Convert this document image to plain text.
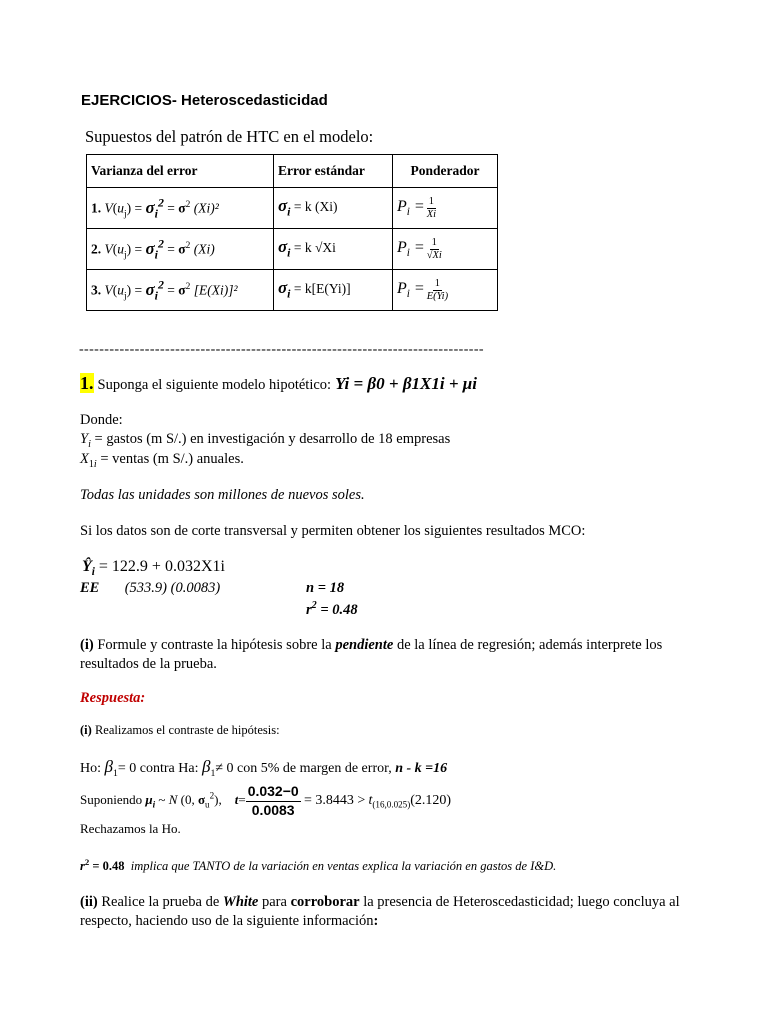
EJERCICIOS- Heteroscedasticidad
Supuestos del patrón de HTC en el modelo:
Varianza del error	Error estándar	Ponderador
1. $V(u_j) = \sigma_i^2 = \sigma^2$ (Xi)²	$\sigma_i = k$ (Xi)	$P_i = \frac{1}{Xi}$

2. $V(u_j) = \sigma_i^2 = \sigma^2$ (Xi)	$\sigma_i = k$ √Xi	$P_i = \frac{1}{√Xi}$

3. $V(u_j) = \sigma_i^2 = \sigma^2$ [E(Xi)]²	$\sigma_i = k[E(Yi)]$	$P_i = \frac{1}{E(Yi)}$
--------------------------------------------------------------------------------
1. Suponga el siguiente modelo hipotético: Yi = β0 + β1X1i + μi
Donde:
$Y_i$ = gastos (m S/.) en investigación y desarrollo de 18 empresas
$X_{1i}$ = ventas (m S/.) anuales.
Todas las unidades son millones de nuevos soles.
Si los datos son de corte transversal y permiten obtener los siguientes resultados MCO:
$Ŷ_i = 122.9 + 0.032X1i$
EE (533.9) (0.0083)	n = 18
$r^2 = 0.48$
(i) Formule y contraste la hipótesis sobre la pendiente de la línea de regresión; además interprete los resultados de la prueba.
Respuesta:
(i) Realizamos el contraste de hipótesis:
Ho: $\beta_1= 0$ contra Ha: $\beta_1\ne 0$ con 5% de margen de error, n - k =16
Suponiendo $\mu_i$ ~ N (0, $\sigma_u^2$),    $t= \frac{0.032-0}{0.0083} = 3.8443 > t_{(16,0.025)}(2.120)$
Rechazamos la Ho.
$r^2 = 0.48$ implica que TANTO de la variación en ventas explica la variación en gastos de I&D.
(ii) Realice la prueba de White para corroborar la presencia de Heteroscedasticidad; luego concluya al respecto, haciendo uso de la siguiente información:
